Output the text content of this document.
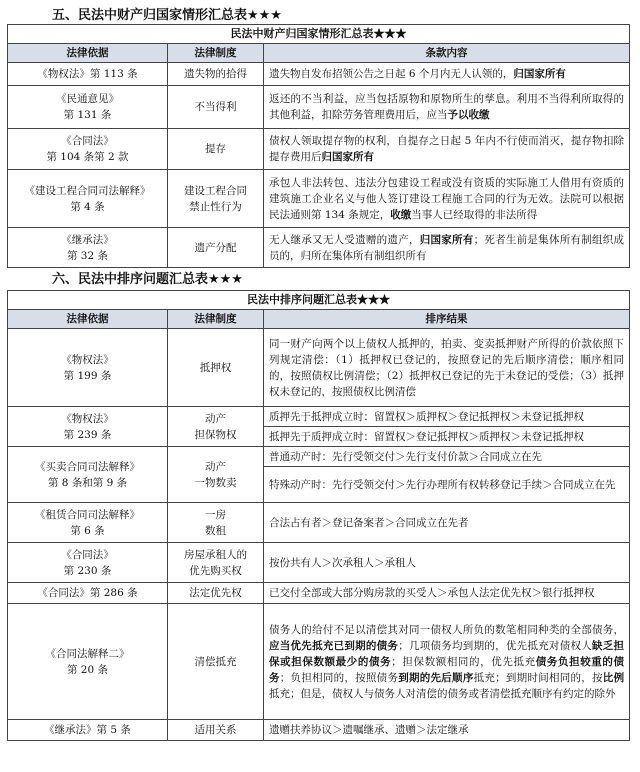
五、民法中财产归国家情形汇总表★★★
民法中财产归国家情形汇总表★★★		
法律依据	法律制度	条款内容

《物权法》第 113 条	遗失物的拾得	遗失物自发布招领公告之日起 6 个月内无人认领的，归国家所有

《民通意见》
第 131 条	不当得利	返还的不当利益，应当包括原物和原物所生的孳息。利用不当得利所取得的其他利益，扣除劳务管理费用后，应当予以收缴

《合同法》
第 104 条第 2 款	提存	债权人领取提存物的权利，自提存之日起 5 年内不行使而消灭，提存物扣除提存费用后归国家所有

《建设工程合同司法解释》
第 4 条	建设工程合同
禁止性行为	承包人非法转包、违法分包建设工程或没有资质的实际施工人借用有资质的建筑施工企业名义与他人签订建设工程施工合同的行为无效。法院可以根据民法通则第 134 条规定，收缴当事人已经取得的非法所得

《继承法》
第 32 条	遗产分配	无人继承又无人受遗赠的遗产，归国家所有；死者生前是集体所有制组织成员的，归所在集体所有制组织所有
六、民法中排序问题汇总表★★★
民法中排序问题汇总表★★★		
法律依据	法律制度	排序结果

《物权法》
第 199 条	抵押权	同一财产向两个以上债权人抵押的，拍卖、变卖抵押财产所得的价款依照下列规定清偿：（1）抵押权已登记的，按照登记的先后顺序清偿；顺序相同的，按照债权比例清偿；（2）抵押权已登记的先于未登记的受偿；（3）抵押权未登记的，按照债权比例清偿

《物权法》
第 239 条	动产
担保物权	质押先于抵押成立时：留置权＞质押权＞登记抵押权＞未登记抵押权
		抵押先于质押成立时：留置权＞登记抵押权＞质押权＞未登记抵押权

《买卖合同司法解释》
第 8 条和第 9 条	动产
一物数卖	普通动产时：先行受领交付＞先行支付价款＞合同成立在先
		特殊动产时：先行受领交付＞先行办理所有权转移登记手续＞合同成立在先

《租赁合同司法解释》
第 6 条	一房
数租	合法占有者＞登记备案者＞合同成立在先者

《合同法》
第 230 条	房屋承租人的
优先购买权	按份共有人＞次承租人＞承租人

《合同法》第 286 条	法定优先权	已交付全部或大部分购房款的买受人＞承包人法定优先权＞银行抵押权

《合同法解释二》
第 20 条	清偿抵充	债务人的给付不足以清偿其对同一债权人所负的数笔相同种类的全部债务，应当优先抵充已到期的债务；几项债务均到期的，优先抵充对债权人缺乏担保或担保数额最少的债务；担保数额相同的，优先抵充债务负担较重的债务；负担相同的，按照债务到期的先后顺序抵充；到期时间相同的，按比例抵充；但是，债权人与债务人对清偿的债务或者清偿抵充顺序有约定的除外

《继承法》第 5 条	适用关系	遗赠扶养协议＞遗嘱继承、遗赠＞法定继承
